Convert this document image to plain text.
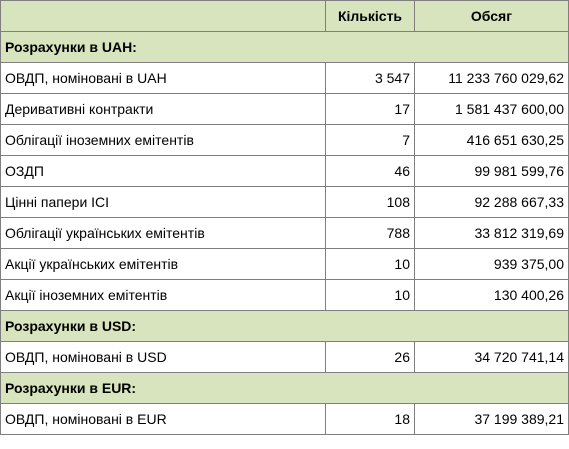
	Кількість	Обсяг
Розрахунки в UAH:		
ОВДП, номіновані в UAH	3 547	11 233 760 029,62
Деривативні контракти	17	1 581 437 600,00
Облігації іноземних емітентів	7	416 651 630,25
ОЗДП	46	99 981 599,76
Цінні папери ІСІ	108	92 288 667,33
Облігації українських емітентів	788	33 812 319,69
Акції українських емітентів	10	939 375,00
Акції іноземних емітентів	10	130 400,26
Розрахунки в USD:		
ОВДП, номіновані в USD	26	34 720 741,14
Розрахунки в EUR:		
ОВДП, номіновані в EUR	18	37 199 389,21
